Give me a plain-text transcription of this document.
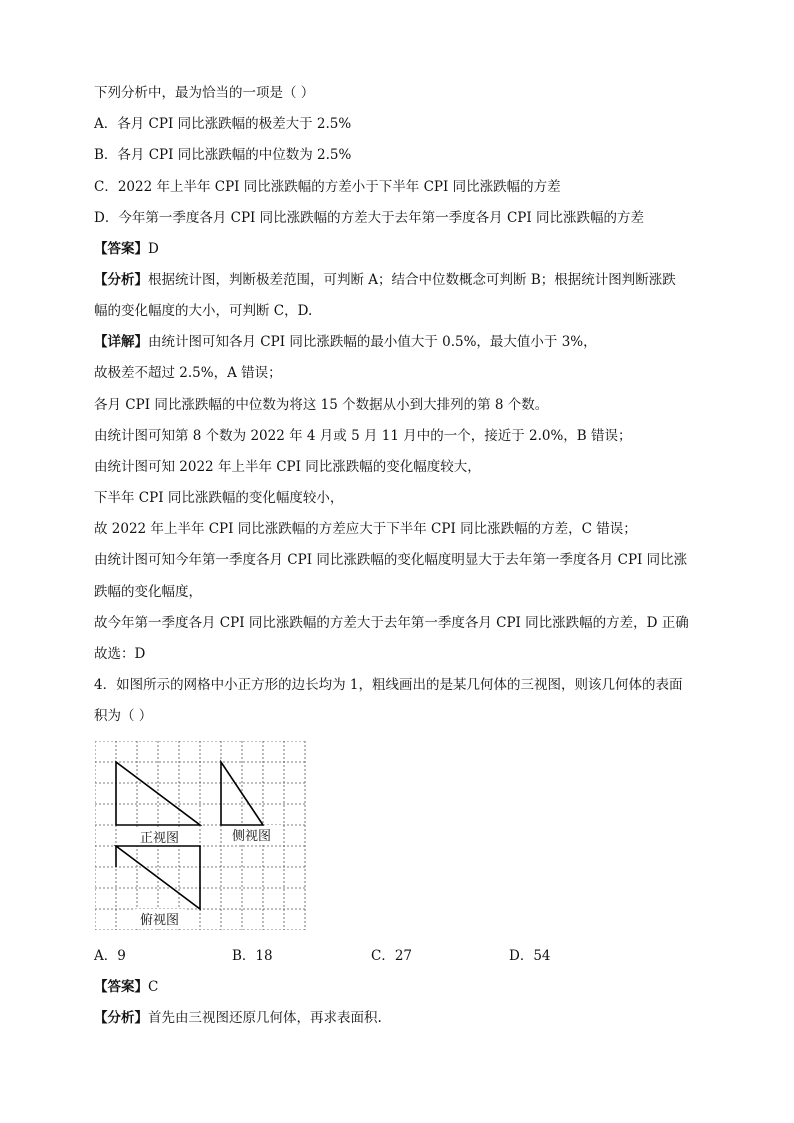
下列分析中，最为恰当的一项是（ ）
A．各月 CPI 同比涨跌幅的极差大于 2.5%
B．各月 CPI 同比涨跌幅的中位数为 2.5%
C．2022 年上半年 CPI 同比涨跌幅的方差小于下半年 CPI 同比涨跌幅的方差
D．今年第一季度各月 CPI 同比涨跌幅的方差大于去年第一季度各月 CPI 同比涨跌幅的方差
【答案】D
【分析】根据统计图，判断极差范围，可判断 A；结合中位数概念可判断 B；根据统计图判断涨跌
幅的变化幅度的大小，可判断 C，D.
【详解】由统计图可知各月 CPI 同比涨跌幅的最小值大于 0.5%，最大值小于 3%，
故极差不超过 2.5%，A 错误；
各月 CPI 同比涨跌幅的中位数为将这 15 个数据从小到大排列的第 8 个数。
由统计图可知第 8 个数为 2022 年 4 月或 5 月 11 月中的一个，接近于 2.0%，B 错误；
由统计图可知 2022 年上半年 CPI 同比涨跌幅的变化幅度较大，
下半年 CPI 同比涨跌幅的变化幅度较小，
故 2022 年上半年 CPI 同比涨跌幅的方差应大于下半年 CPI 同比涨跌幅的方差，C 错误；
由统计图可知今年第一季度各月 CPI 同比涨跌幅的变化幅度明显大于去年第一季度各月 CPI 同比涨
跌幅的变化幅度，
故今年第一季度各月 CPI 同比涨跌幅的方差大于去年第一季度各月 CPI 同比涨跌幅的方差，D 正确
故选：D
4．如图所示的网格中小正方形的边长均为 1，粗线画出的是某几何体的三视图，则该几何体的表面
积为（ ）
正视图	侧视图
俯视图
A．9	B．18	C．27	D．54
【答案】C
【分析】首先由三视图还原几何体，再求表面积.
